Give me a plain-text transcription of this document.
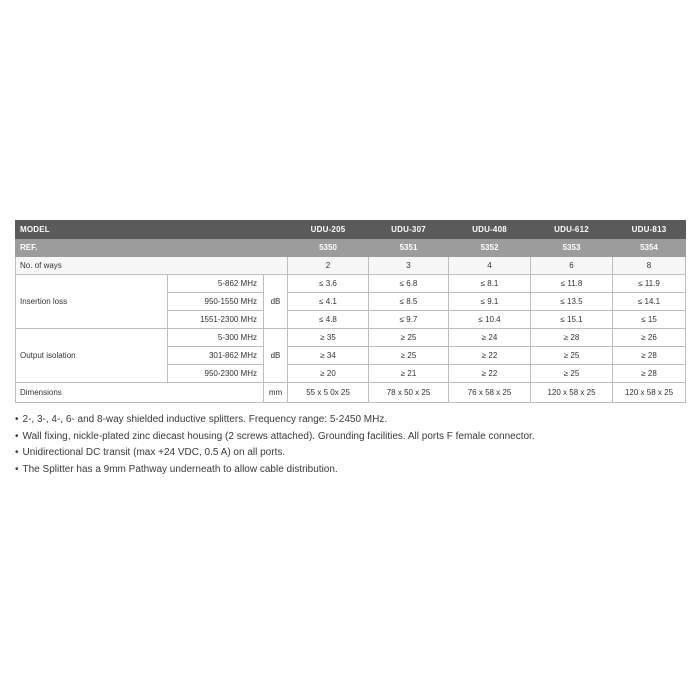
MODEL			UDU-205	UDU-307	UDU-408	UDU-612	UDU-813
REF.			5350	5351	5352	5353	5354
No. of ways			2	3	4	6	8
Insertion loss	5-862 MHz	dB	≤ 3.6	≤ 6.8	≤ 8.1	≤ 11.8	≤ 11.9
	950-1550 MHz		≤ 4.1	≤ 8.5	≤ 9.1	≤ 13.5	≤ 14.1
	1551-2300 MHz		≤ 4.8	≤ 9.7	≤ 10.4	≤ 15.1	≤ 15
Output isolation	5-300 MHz	dB	≥ 35	≥ 25	≥ 24	≥ 28	≥ 26
	301-862 MHz		≥ 34	≥ 25	≥ 22	≥ 25	≥ 28
	950-2300 MHz		≥ 20	≥ 21	≥ 22	≥ 25	≥ 28
Dimensions		mm	55 x 5 0x 25	78 x 50 x 25	76 x 58 x 25	120 x 58 x 25	120 x 58 x 25
• 2-, 3-, 4-, 6- and 8-way shielded inductive splitters. Frequency range: 5-2450 MHz.
• Wall fixing, nickle-plated zinc diecast housing (2 screws attached). Grounding facilities. All ports F female connector.
• Unidirectional DC transit (max +24 VDC, 0.5 A) on all ports.
• The Splitter has a 9mm Pathway underneath to allow cable distribution.
